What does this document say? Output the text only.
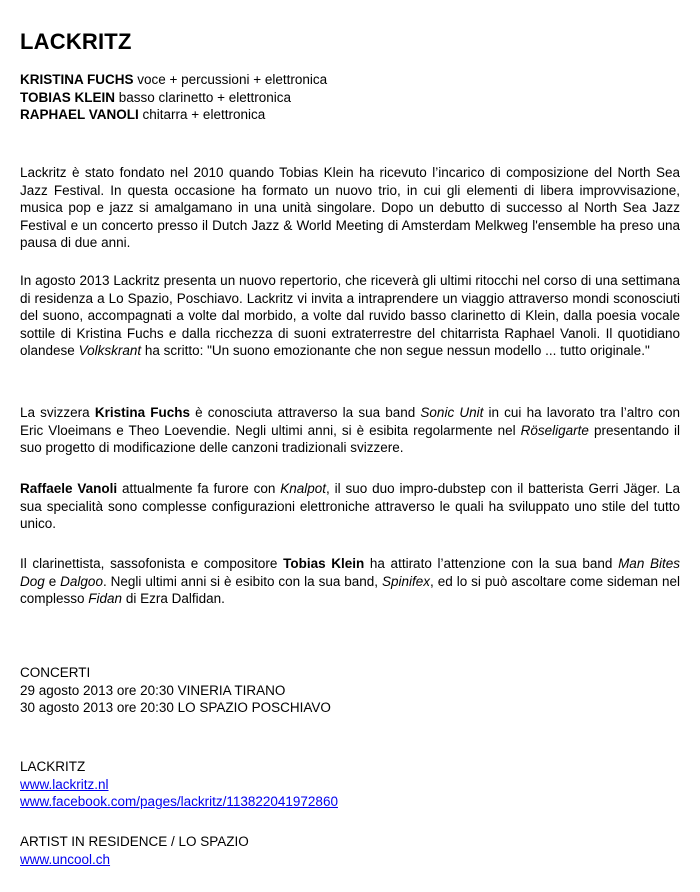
LACKRITZ
KRISTINA FUCHS voce + percussioni + elettronica
TOBIAS KLEIN basso clarinetto + elettronica
RAPHAEL VANOLI chitarra + elettronica

Lackritz è stato fondato nel 2010 quando Tobias Klein ha ricevuto l’incarico di composizione del North Sea Jazz Festival. In questa occasione ha formato un nuovo trio, in cui gli elementi di libera improvvisazione, musica pop e jazz si amalgamano in una unità singolare. Dopo un debutto di successo al North Sea Jazz Festival e un concerto presso il Dutch Jazz & World Meeting di Amsterdam Melkweg l'ensemble ha preso una pausa di due anni.

In agosto 2013 Lackritz presenta un nuovo repertorio, che riceverà gli ultimi ritocchi nel corso di una settimana di residenza a Lo Spazio, Poschiavo. Lackritz vi invita a intraprendere un viaggio attraverso mondi sconosciuti del suono, accompagnati a volte dal morbido, a volte dal ruvido basso clarinetto di Klein, dalla poesia vocale sottile di Kristina Fuchs e dalla ricchezza di suoni extraterrestre del chitarrista Raphael Vanoli. Il quotidiano olandese Volkskrant ha scritto: "Un suono emozionante che non segue nessun modello ... tutto originale."

La svizzera Kristina Fuchs è conosciuta attraverso la sua band Sonic Unit in cui ha lavorato tra l’altro con Eric Vloeimans e Theo Loevendie. Negli ultimi anni, si è esibita regolarmente nel Röseligarte presentando il suo progetto di modificazione delle canzoni tradizionali svizzere.

Raffaele Vanoli attualmente fa furore con Knalpot, il suo duo impro-dubstep con il batterista Gerri Jäger. La sua specialità sono complesse configurazioni elettroniche attraverso le quali ha sviluppato uno stile del tutto unico.

Il clarinettista, sassofonista e compositore Tobias Klein ha attirato l’attenzione con la sua band Man Bites Dog e Dalgoo. Negli ultimi anni si è esibito con la sua band, Spinifex, ed lo si può ascoltare come sideman nel complesso Fidan di Ezra Dalfidan.

CONCERTI
29 agosto 2013 ore 20:30 VINERIA TIRANO
30 agosto 2013 ore 20:30 LO SPAZIO POSCHIAVO
LACKRITZ
www.lackritz.nl
www.facebook.com/pages/lackritz/113822041972860
ARTIST IN RESIDENCE / LO SPAZIO
www.uncool.ch
